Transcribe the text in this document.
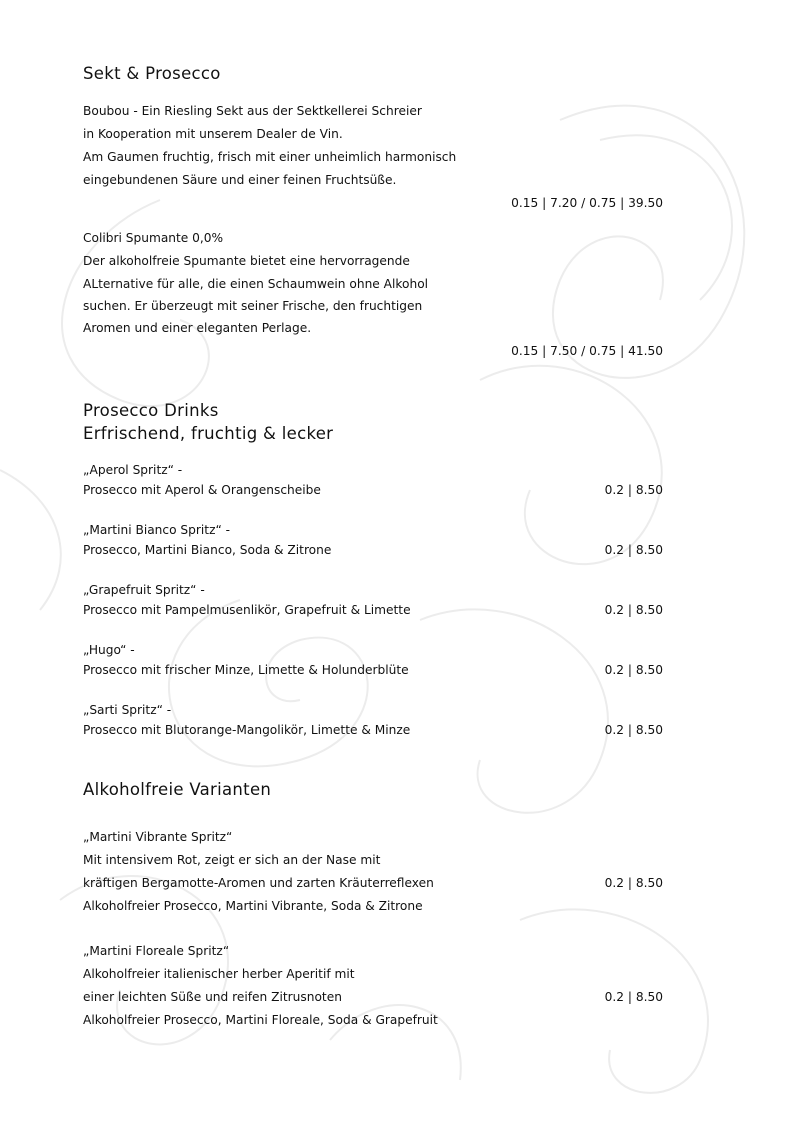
Sekt & Prosecco
Boubou - Ein Riesling Sekt aus der Sektkellerei Schreier
in Kooperation mit unserem Dealer de Vin.
Am Gaumen fruchtig, frisch mit einer unheimlich harmonisch
eingebundenen Säure und einer feinen Fruchtsüße.
0.15 | 7.20 / 0.75 | 39.50
Colibri Spumante 0,0%
Der alkoholfreie Spumante bietet eine hervorragende
ALternative für alle, die einen Schaumwein ohne Alkohol
suchen. Er überzeugt mit seiner Frische, den fruchtigen
Aromen und einer eleganten Perlage.
0.15 | 7.50 / 0.75 | 41.50
Prosecco Drinks
Erfrischend, fruchtig & lecker
„Aperol Spritz“ -
Prosecco mit Aperol & Orangenscheibe	0.2 | 8.50
„Martini Bianco Spritz“ -
Prosecco, Martini Bianco, Soda & Zitrone	0.2 | 8.50
„Grapefruit Spritz“ -
Prosecco mit Pampelmusenlikör, Grapefruit & Limette	0.2 | 8.50
„Hugo“ -
Prosecco mit frischer Minze, Limette & Holunderblüte	0.2 | 8.50
„Sarti Spritz“ -
Prosecco mit Blutorange-Mangolikör, Limette & Minze	0.2 | 8.50
Alkoholfreie Varianten
„Martini Vibrante Spritz“
Mit intensivem Rot, zeigt er sich an der Nase mit
kräftigen Bergamotte-Aromen und zarten Kräuterreflexen	0.2 | 8.50
Alkoholfreier Prosecco, Martini Vibrante, Soda & Zitrone
„Martini Floreale Spritz“
Alkoholfreier italienischer herber Aperitif mit
einer leichten Süße und reifen Zitrusnoten	0.2 | 8.50
Alkoholfreier Prosecco, Martini Floreale, Soda & Grapefruit
